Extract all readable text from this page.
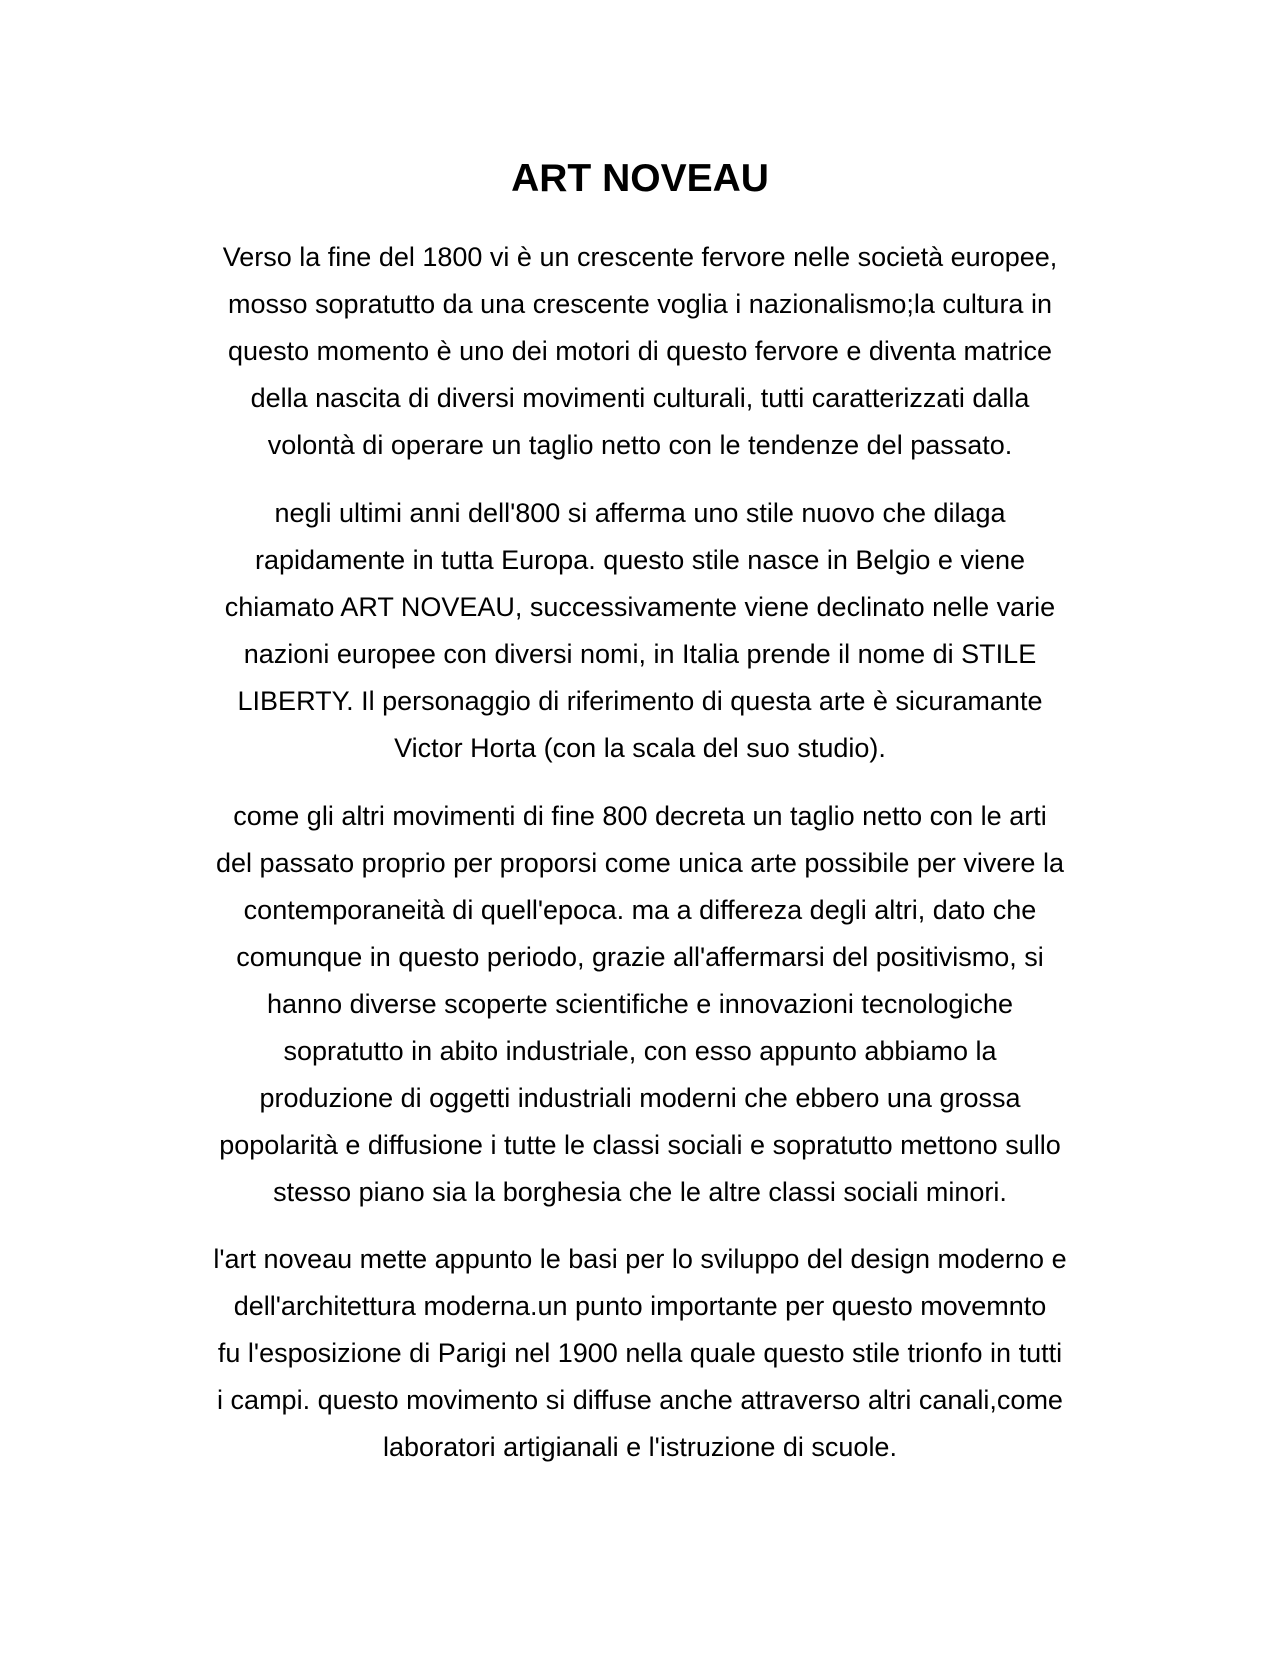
ART NOVEAU

Verso la fine del 1800 vi è un crescente fervore nelle società europee,
mosso sopratutto da una crescente voglia i nazionalismo;la cultura in
questo momento è uno dei motori di questo fervore e diventa matrice
della nascita di diversi movimenti culturali, tutti caratterizzati dalla
volontà di operare un taglio netto con le tendenze del passato.

negli ultimi anni dell'800 si afferma uno stile nuovo che dilaga
rapidamente in tutta Europa. questo stile nasce in Belgio e viene
chiamato ART NOVEAU, successivamente viene declinato nelle varie
nazioni europee con diversi nomi, in Italia prende il nome di STILE
LIBERTY. Il personaggio di riferimento di questa arte è sicuramante
Victor Horta (con la scala del suo studio).

come gli altri movimenti di fine 800 decreta un taglio netto con le arti
del passato proprio per proporsi come unica arte possibile per vivere la
contemporaneità di quell'epoca. ma a differeza degli altri, dato che
comunque in questo periodo, grazie all'affermarsi del positivismo, si
hanno diverse scoperte scientifiche e innovazioni tecnologiche
sopratutto in abito industriale, con esso appunto abbiamo la
produzione di oggetti industriali moderni che ebbero una grossa
popolarità e diffusione i tutte le classi sociali e sopratutto mettono sullo
stesso piano sia la borghesia che le altre classi sociali minori.

l'art noveau mette appunto le basi per lo sviluppo del design moderno e
dell'architettura moderna.un punto importante per questo movemnto
fu l'esposizione di Parigi nel 1900 nella quale questo stile trionfo in tutti
i campi. questo movimento si diffuse anche attraverso altri canali,come
laboratori artigianali e l'istruzione di scuole.
